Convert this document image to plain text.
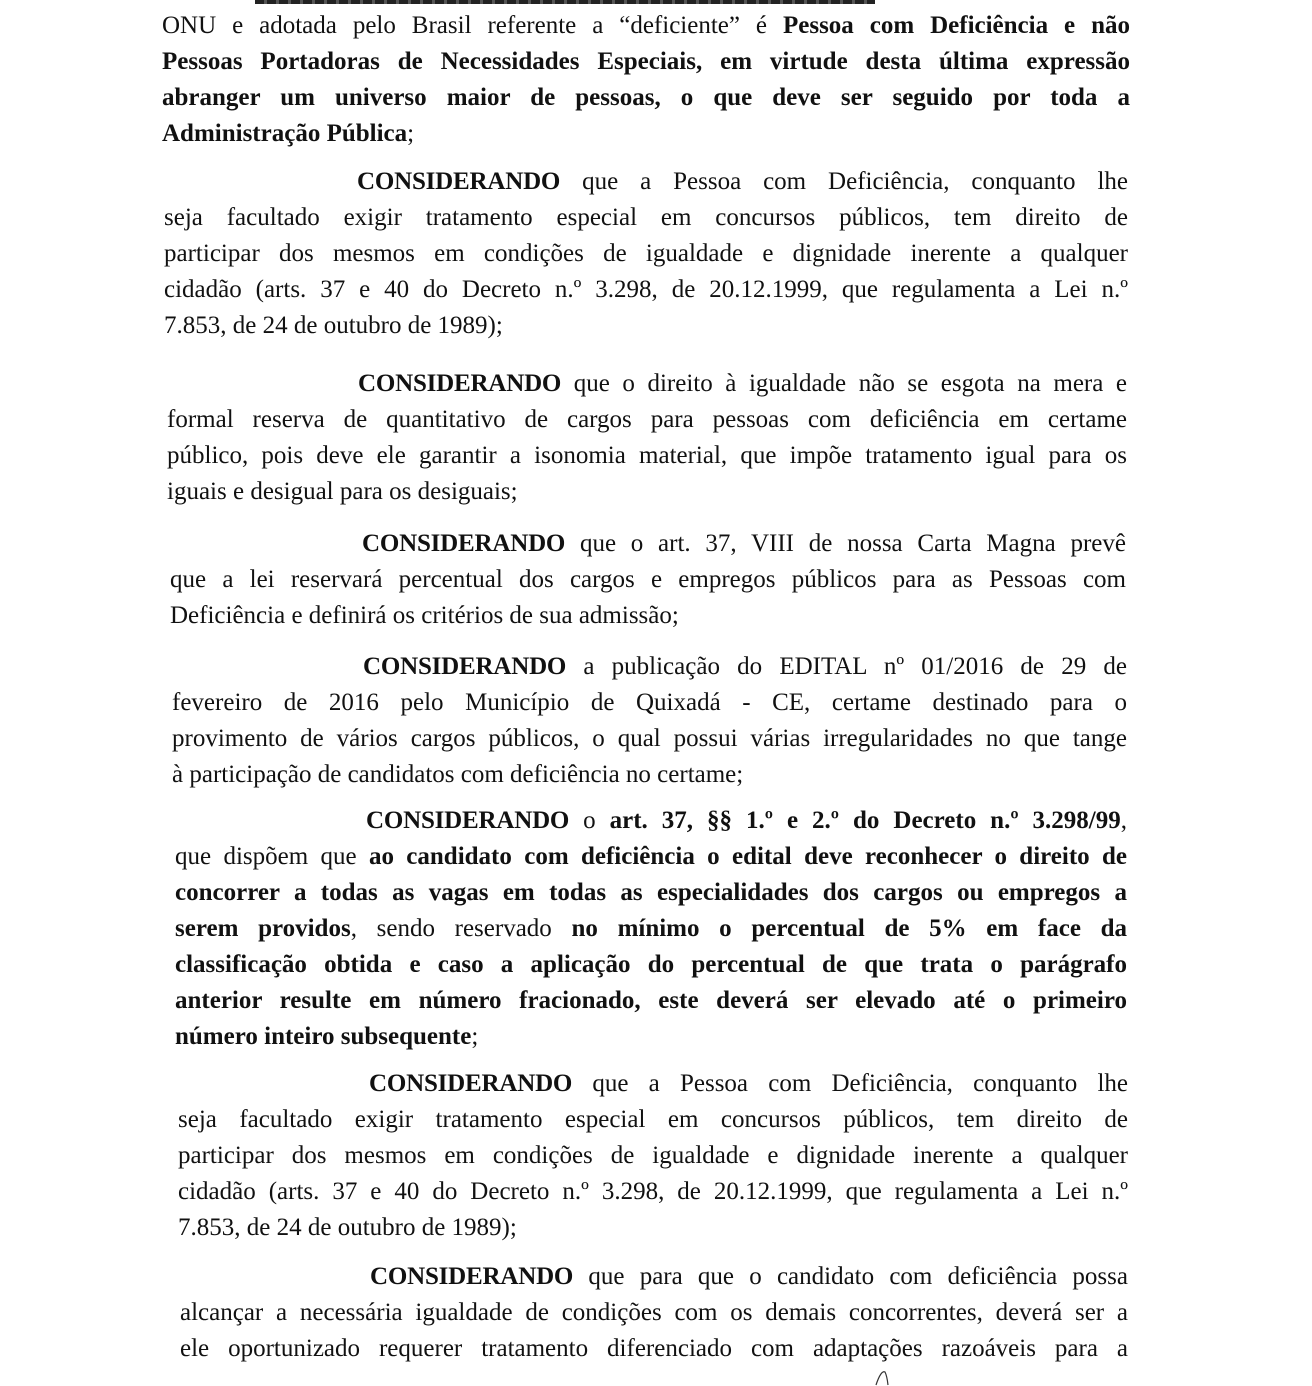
ONU e adotada pelo Brasil referente a “deficiente” é Pessoa com Deficiência e não
Pessoas Portadoras de Necessidades Especiais, em virtude desta última expressão
abranger um universo maior de pessoas, o que deve ser seguido por toda a
Administração Pública;
CONSIDERANDO que a Pessoa com Deficiência, conquanto lhe
seja facultado exigir tratamento especial em concursos públicos, tem direito de
participar dos mesmos em condições de igualdade e dignidade inerente a qualquer
cidadão (arts. 37 e 40 do Decreto n.º 3.298, de 20.12.1999, que regulamenta a Lei n.º
7.853, de 24 de outubro de 1989);
CONSIDERANDO que o direito à igualdade não se esgota na mera e
formal reserva de quantitativo de cargos para pessoas com deficiência em certame
público, pois deve ele garantir a isonomia material, que impõe tratamento igual para os
iguais e desigual para os desiguais;
CONSIDERANDO que o art. 37, VIII de nossa Carta Magna prevê
que a lei reservará percentual dos cargos e empregos públicos para as Pessoas com
Deficiência e definirá os critérios de sua admissão;
CONSIDERANDO a publicação do EDITAL nº 01/2016 de 29 de
fevereiro de 2016 pelo Município de Quixadá - CE, certame destinado para o
provimento de vários cargos públicos, o qual possui várias irregularidades no que tange
à participação de candidatos com deficiência no certame;
CONSIDERANDO o art. 37, §§ 1.º e 2.º do Decreto n.º 3.298/99,
que dispõem que ao candidato com deficiência o edital deve reconhecer o direito de
concorrer a todas as vagas em todas as especialidades dos cargos ou empregos a
serem providos, sendo reservado no mínimo o percentual de 5% em face da
classificação obtida e caso a aplicação do percentual de que trata o parágrafo
anterior resulte em número fracionado, este deverá ser elevado até o primeiro
número inteiro subsequente;
CONSIDERANDO que a Pessoa com Deficiência, conquanto lhe
seja facultado exigir tratamento especial em concursos públicos, tem direito de
participar dos mesmos em condições de igualdade e dignidade inerente a qualquer
cidadão (arts. 37 e 40 do Decreto n.º 3.298, de 20.12.1999, que regulamenta a Lei n.º
7.853, de 24 de outubro de 1989);
CONSIDERANDO que para que o candidato com deficiência possa
alcançar a necessária igualdade de condições com os demais concorrentes, deverá ser a
ele oportunizado requerer tratamento diferenciado com adaptações razoáveis para a
